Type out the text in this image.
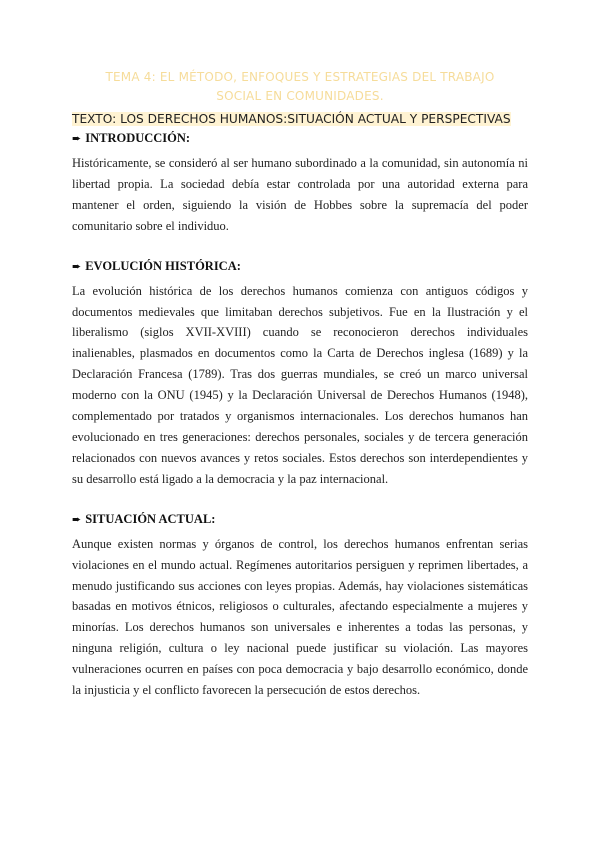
TEMA 4: EL MÉTODO, ENFOQUES Y ESTRATEGIAS DEL TRABAJO SOCIAL EN COMUNIDADES.

TEXTO: LOS DERECHOS HUMANOS:SITUACIÓN ACTUAL Y PERSPECTIVAS

➨ INTRODUCCIÓN:

Históricamente, se consideró al ser humano subordinado a la comunidad, sin autonomía ni libertad propia. La sociedad debía estar controlada por una autoridad externa para mantener el orden, siguiendo la visión de Hobbes sobre la supremacía del poder comunitario sobre el individuo.

➨ EVOLUCIÓN HISTÓRICA:

La evolución histórica de los derechos humanos comienza con antiguos códigos y documentos medievales que limitaban derechos subjetivos. Fue en la Ilustración y el liberalismo (siglos XVII-XVIII) cuando se reconocieron derechos individuales inalienables, plasmados en documentos como la Carta de Derechos inglesa (1689) y la Declaración Francesa (1789). Tras dos guerras mundiales, se creó un marco universal moderno con la ONU (1945) y la Declaración Universal de Derechos Humanos (1948), complementado por tratados y organismos internacionales. Los derechos humanos han evolucionado en tres generaciones: derechos personales, sociales y de tercera generación relacionados con nuevos avances y retos sociales. Estos derechos son interdependientes y su desarrollo está ligado a la democracia y la paz internacional.

➨ SITUACIÓN ACTUAL:

Aunque existen normas y órganos de control, los derechos humanos enfrentan serias violaciones en el mundo actual. Regímenes autoritarios persiguen y reprimen libertades, a menudo justificando sus acciones con leyes propias. Además, hay violaciones sistemáticas basadas en motivos étnicos, religiosos o culturales, afectando especialmente a mujeres y minorías. Los derechos humanos son universales e inherentes a todas las personas, y ninguna religión, cultura o ley nacional puede justificar su violación. Las mayores vulneraciones ocurren en países con poca democracia y bajo desarrollo económico, donde la injusticia y el conflicto favorecen la persecución de estos derechos.
